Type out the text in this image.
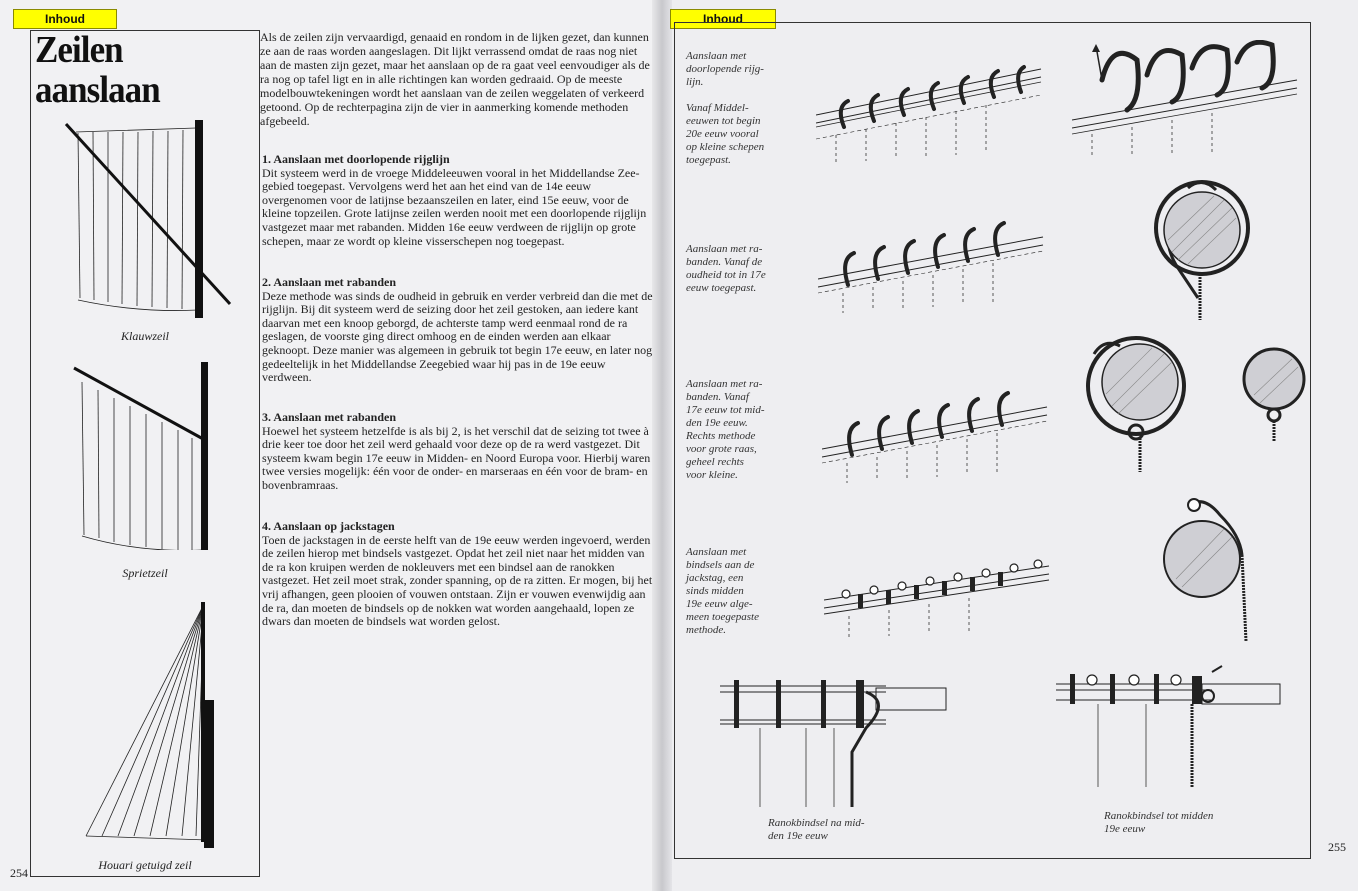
Inhoud	Inhoud
Zeilen
aanslaan
Klauwzeil
Sprietzeil
Houari getuigd zeil
Als de zeilen zijn vervaardigd, genaaid en rondom in de lijken gezet, dan kunnen ze aan de raas worden aangeslagen. Dit lijkt verrassend omdat de raas nog niet aan de masten zijn gezet, maar het aanslaan op de ra gaat veel eenvoudiger als de ra nog op tafel ligt en in alle richtingen kan worden gedraaid. Op de meeste modelbouwtekeningen wordt het aanslaan van de zeilen weggelaten of verkeerd getoond. Op de rechterpagina zijn de vier in aanmerking komende methoden afgebeeld.
1. Aanslaan met doorlopende rijglijn

Dit systeem werd in de vroege Middeleeuwen vooral in het Middellandse Zee-gebied toegepast. Vervolgens werd het aan het eind van de 14e eeuw overgenomen voor de latijnse bezaanszeilen en later, eind 15e eeuw, voor de kleine topzeilen. Grote latijnse zeilen werden nooit met een doorlopende rijglijn vastgezet maar met rabanden. Midden 16e eeuw verdween de rijglijn op grote schepen, maar ze wordt op kleine visserschepen nog toegepast.

2. Aanslaan met rabanden

Deze methode was sinds de oudheid in gebruik en verder verbreid dan die met de rijglijn. Bij dit systeem werd de seizing door het zeil gestoken, aan iedere kant daarvan met een knoop geborgd, de achterste tamp werd eenmaal rond de ra geslagen, de voorste ging direct omhoog en de einden werden aan elkaar geknoopt. Deze manier was algemeen in gebruik tot begin 17e eeuw, en later nog gedeeltelijk in het Middellandse Zeegebied waar hij pas in de 19e eeuw verdween.

3. Aanslaan met rabanden

Hoewel het systeem hetzelfde is als bij 2, is het verschil dat de seizing tot twee à drie keer toe door het zeil werd gehaald voor deze op de ra werd vastgezet. Dit systeem kwam begin 17e eeuw in Midden- en Noord Europa voor. Hierbij waren twee versies mogelijk: één voor de onder- en marseraas en één voor de bram- en bovenbramraas.

4. Aanslaan op jackstagen

Toen de jackstagen in de eerste helft van de 19e eeuw werden ingevoerd, werden de zeilen hierop met bindsels vastgezet. Opdat het zeil niet naar het midden van de ra kon kruipen werden de nokleuvers met een bindsel aan de ranokken vastgezet. Het zeil moet strak, zonder spanning, op de ra zitten. Er mogen, bij het vrij afhangen, geen plooien of vouwen ontstaan. Zijn er vouwen evenwijdig aan de ra, dan moeten de bindsels op de nokken wat worden aangehaald, lopen ze dwars dan moeten de bindsels wat worden gelost.

254
Aanslaan met
doorlopende rijg-
lijn.

Vanaf Middel-
eeuwen tot begin
20e eeuw vooral
op kleine schepen
toegepast.
Aanslaan met ra-
banden. Vanaf de
oudheid tot in 17e
eeuw toegepast.
Aanslaan met ra-
banden. Vanaf
17e eeuw tot mid-
den 19e eeuw.
Rechts methode
voor grote raas,
geheel rechts
voor kleine.
Aanslaan met
bindsels aan de
jackstag, een
sinds midden
19e eeuw alge-
meen toegepaste
methode.
Ranokbindsel na mid-
den 19e eeuw
Ranokbindsel tot midden
19e eeuw
255
